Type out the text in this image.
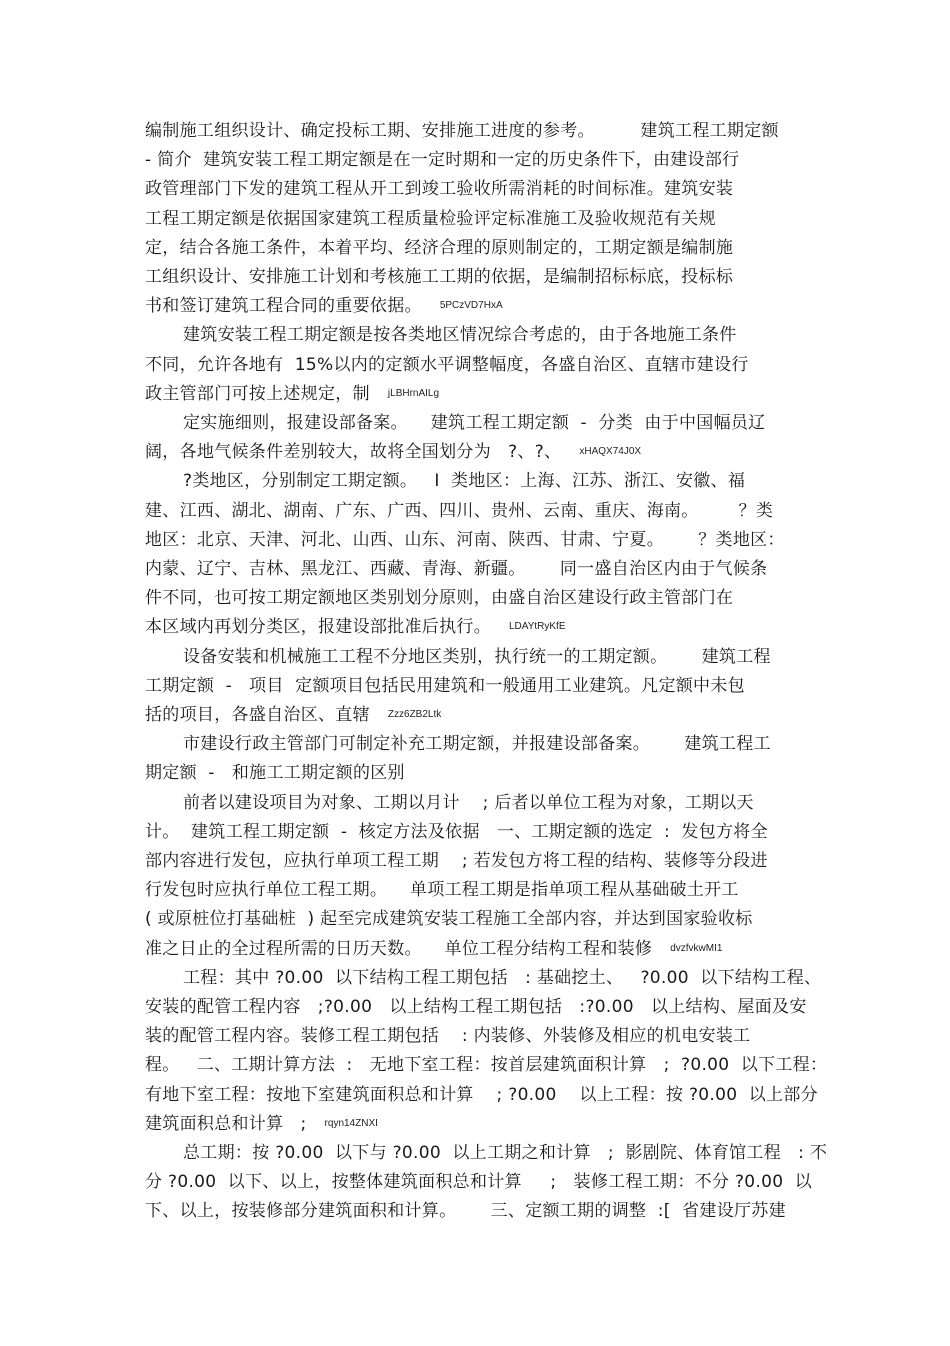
编制施工组织设计、确定投标工期、安排施工进度的参考。        建筑工程工期定额
- 简介  建筑安装工程工期定额是在一定时期和一定的历史条件下，由建设部行
政管理部门下发的建筑工程从开工到竣工验收所需消耗的时间标准。建筑安装
工程工期定额是依据国家建筑工程质量检验评定标准施工及验收规范有关规
定，结合各施工条件，本着平均、经济合理的原则制定的，工期定额是编制施
工组织设计、安排施工计划和考核施工工期的依据，是编制招标标底，投标标
书和签订建筑工程合同的重要依据。 5PCzVD7HxA
建筑安装工程工期定额是按各类地区情况综合考虑的，由于各地施工条件
不同，允许各地有  15%以内的定额水平调整幅度，各盛自治区、直辖市建设行
政主管部门可按上述规定，制 jLBHrnAILg
定实施细则，报建设部备案。    建筑工程工期定额  -  分类  由于中国幅员辽
阔，各地气候条件差别较大，故将全国划分为   ?、?、 xHAQX74J0X
?类地区，分别制定工期定额。   I  类地区：上海、江苏、浙江、安徽、福
建、江西、湖北、湖南、广东、广西、四川、贵州、云南、重庆、海南。       ？类
地区：北京、天津、河北、山西、山东、河南、陕西、甘肃、宁夏。      ？类地区：
内蒙、辽宁、吉林、黑龙江、西藏、青海、新疆。      同一盛自治区内由于气候条
件不同，也可按工期定额地区类别划分原则，由盛自治区建设行政主管部门在
本区域内再划分类区，报建设部批准后执行。 LDAYtRyKfE
设备安装和机械施工工程不分地区类别，执行统一的工期定额。      建筑工程
工期定额  -   项目  定额项目包括民用建筑和一般通用工业建筑。凡定额中未包
括的项目，各盛自治区、直辖 Zzz6ZB2Ltk
市建设行政主管部门可制定补充工期定额，并报建设部备案。      建筑工程工
期定额  -   和施工工期定额的区别
前者以建设项目为对象、工期以月计    ; 后者以单位工程为对象，工期以天
计。  建筑工程工期定额  -  核定方法及依据   一、工期定额的选定  :  发包方将全
部内容进行发包，应执行单项工程工期    ; 若发包方将工程的结构、装修等分段进
行发包时应执行单位工程工期。    单项工程工期是指单项工程从基础破土开工
( 或原桩位打基础桩  ) 起至完成建筑安装工程施工全部内容，并达到国家验收标
准之日止的全过程所需的日历天数。    单位工程分结构工程和装修 dvzfvkwMI1
工程：其中 ?0.00  以下结构工程工期包括   : 基础挖土、   ?0.00  以下结构工程、
安装的配管工程内容   ;?0.00   以上结构工程工期包括   :?0.00   以上结构、屋面及安
装的配管工程内容。装修工程工期包括    : 内装修、外装修及相应的机电安装工
程。   二、工期计算方法  :   无地下室工程：按首层建筑面积计算   ;  ?0.00  以下工程：
有地下室工程：按地下室建筑面积总和计算    ; ?0.00    以上工程：按 ?0.00  以上部分
建筑面积总和计算   ; rqyn14ZNXI
总工期：按 ?0.00  以下与 ?0.00  以上工期之和计算   ;  影剧院、体育馆工程   : 不
分 ?0.00  以下、以上，按整体建筑面积总和计算     ;   装修工程工期：不分 ?0.00  以
下、以上，按装修部分建筑面积和计算。      三、定额工期的调整  :[  省建设厅苏建
